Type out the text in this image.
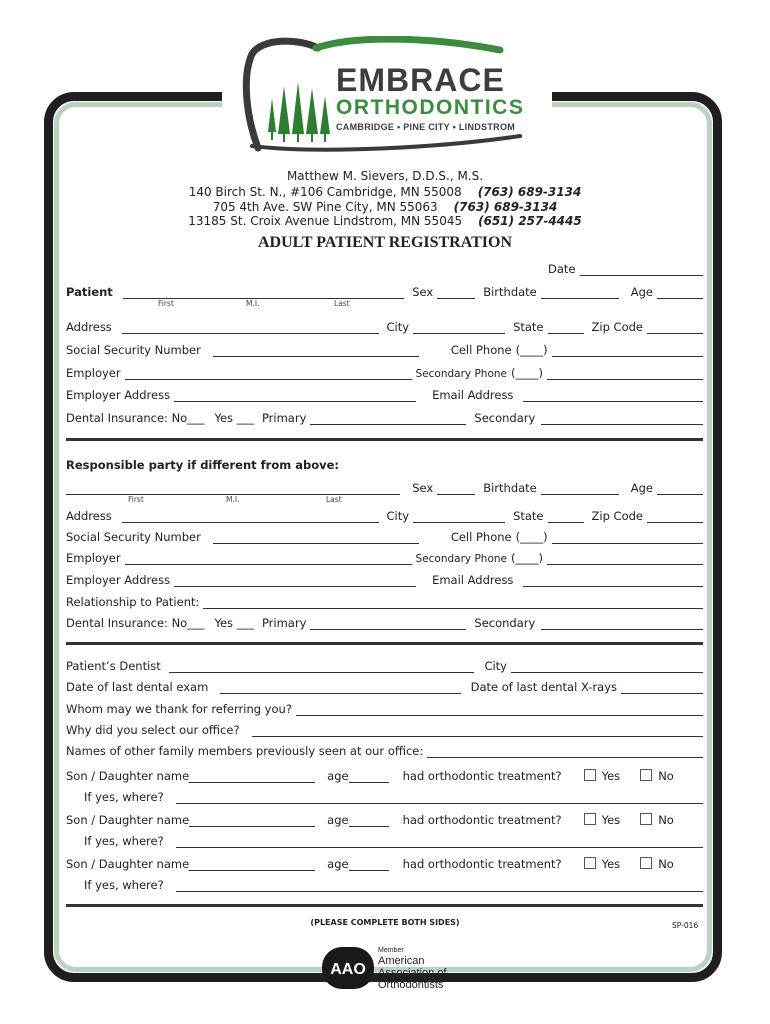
EMBRACE
ORTHODONTICS
CAMBRIDGE • PINE CITY • LINDSTROM
Matthew M. Sievers, D.D.S., M.S.
140 Birch St. N., #106 Cambridge, MN 55008 (763) 689-3134
705 4th Ave. SW Pine City, MN 55063 (763) 689-3134
13185 St. Croix Avenue Lindstrom, MN 55045 (651) 257-4445
ADULT PATIENT REGISTRATION
Date
Patient	Sex	Birthdate	Age
First	M.I.	Last
Address	City	State	Zip Code
Social Security Number	Cell Phone (____)
Employer	Secondary Phone (____)
Employer Address	Email Address
Dental Insurance: No___ Yes ___ Primary	Secondary
Responsible party if different from above:
Sex	Birthdate	Age
First	M.I.	Last
Address	City	State	Zip Code
Social Security Number	Cell Phone (____)
Employer	Secondary Phone (____)
Employer Address	Email Address
Relationship to Patient:
Dental Insurance: No___ Yes ___ Primary	Secondary
Patient’s Dentist	City
Date of last dental exam	Date of last dental X-rays
Whom may we thank for referring you?
Why did you select our office?
Names of other family members previously seen at our office:
Son / Daughter name	age	had orthodontic treatment?	Yes	No
If yes, where?
Son / Daughter name	age	had orthodontic treatment?	Yes	No
If yes, where?
Son / Daughter name	age	had orthodontic treatment?	Yes	No
If yes, where?
(PLEASE COMPLETE BOTH SIDES)	SP-016
AAO
Member
American
Association of
Orthodontists
